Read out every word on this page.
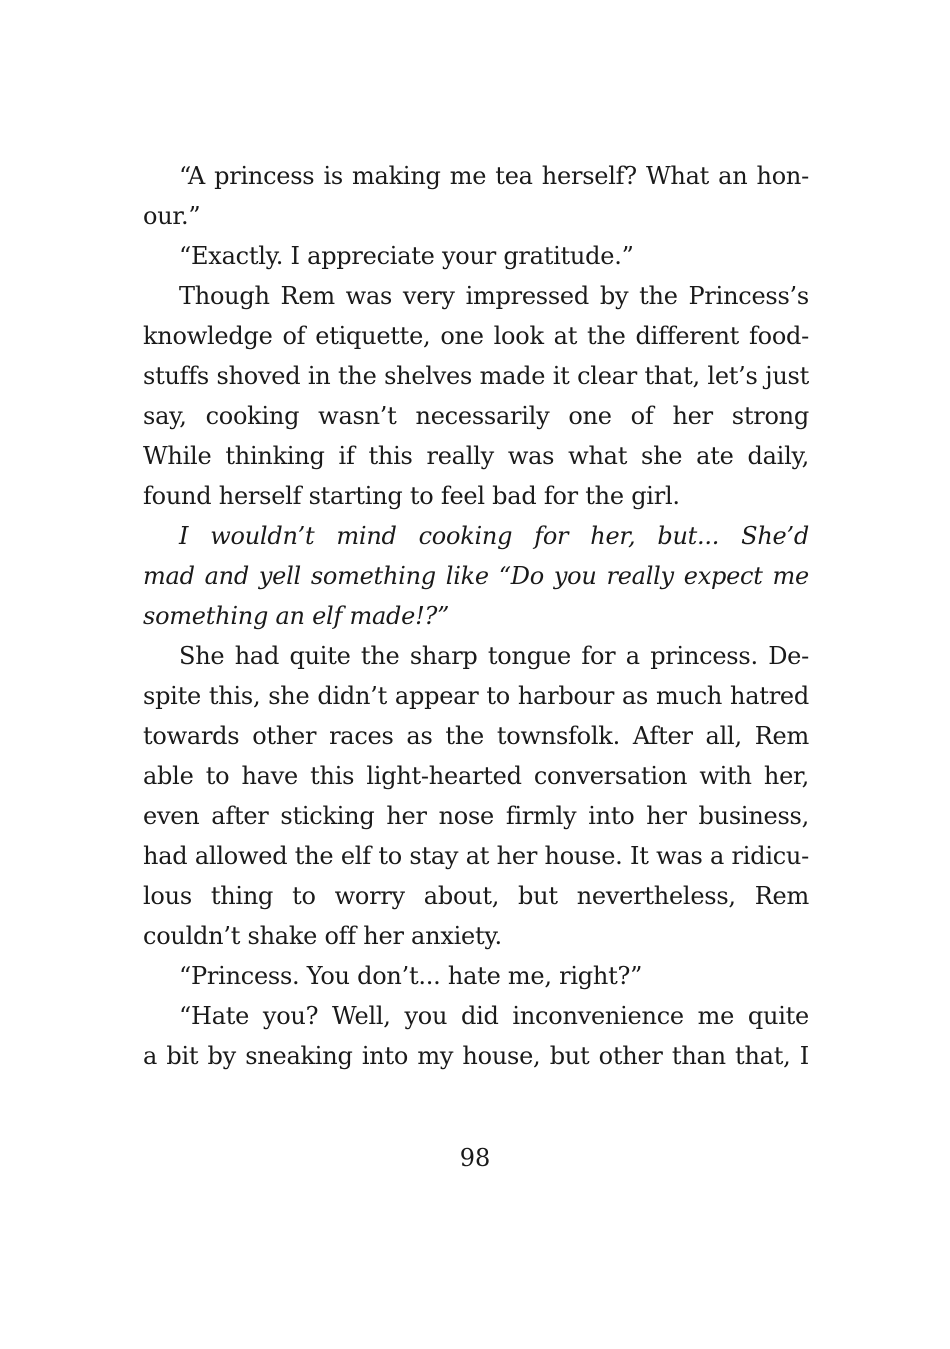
“A princess is making me tea herself? What an hon-
our.”
“Exactly. I appreciate your gratitude.”
Though Rem was very impressed by the Princess’s
knowledge of etiquette, one look at the different food-
stuffs shoved in the shelves made it clear that, let’s just
say, cooking wasn’t necessarily one of her strong
While thinking if this really was what she ate daily,
found herself starting to feel bad for the girl.
I wouldn’t mind cooking for her, but... She’d
mad and yell something like “Do you really expect me
something an elf made!?”
She had quite the sharp tongue for a princess. De-
spite this, she didn’t appear to harbour as much hatred
towards other races as the townsfolk. After all, Rem
able to have this light-hearted conversation with her,
even after sticking her nose firmly into her business,
had allowed the elf to stay at her house. It was a ridicu-
lous thing to worry about, but nevertheless, Rem
couldn’t shake off her anxiety.
“Princess. You don’t... hate me, right?”
“Hate you? Well, you did inconvenience me quite
a bit by sneaking into my house, but other than that, I
98
